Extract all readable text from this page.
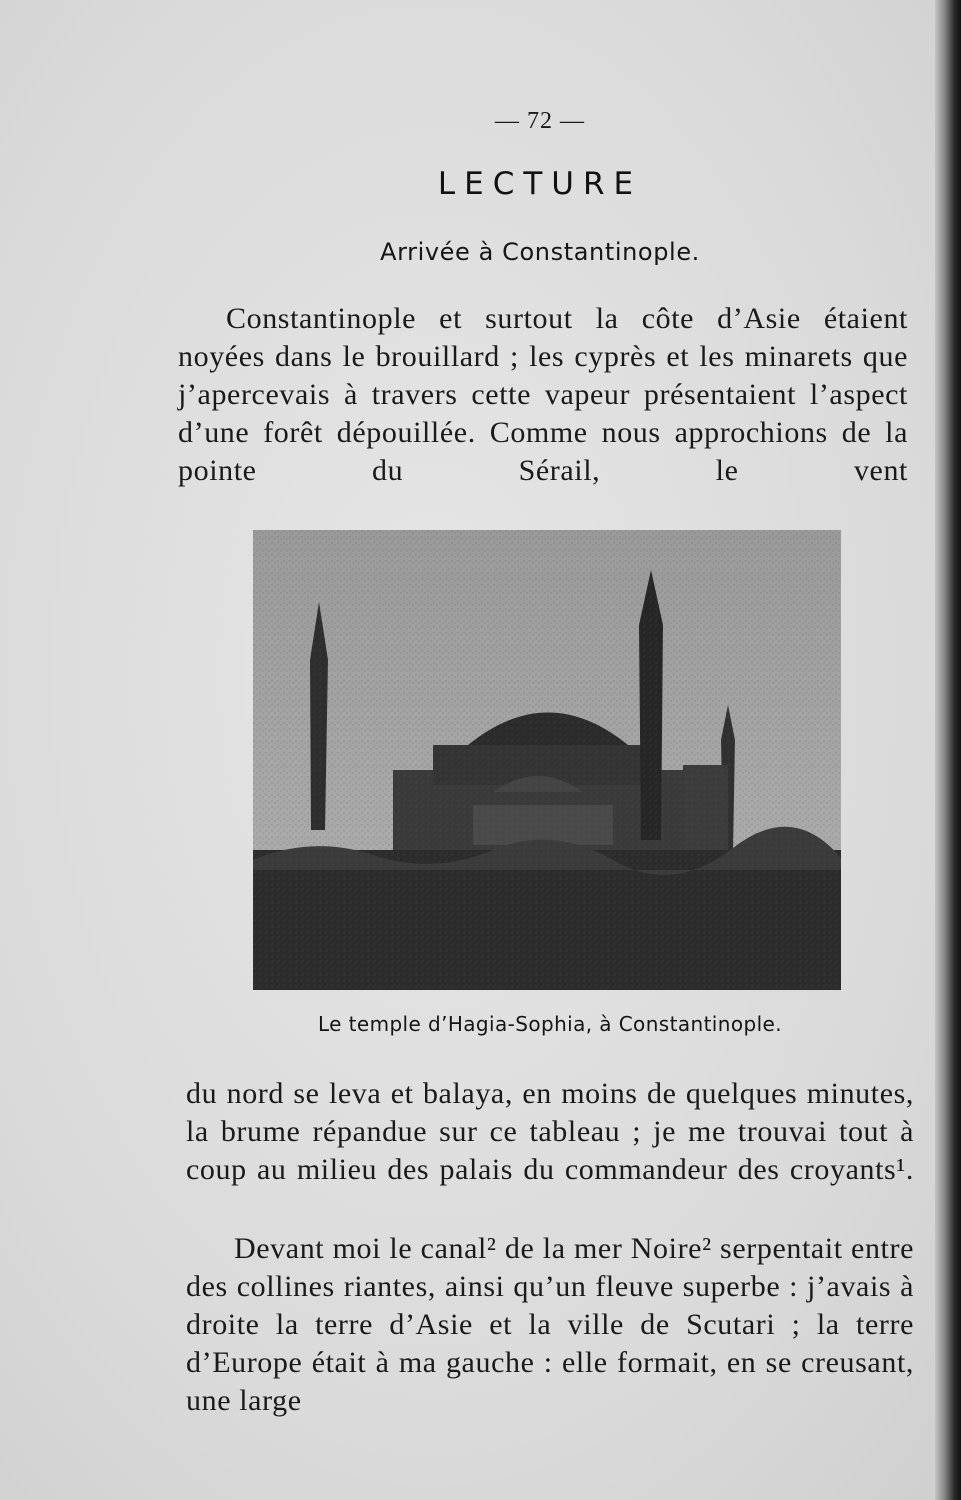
— 72 —
LECTURE
Arrivée à Constantinople.

Constantinople et surtout la côte d’Asie étaient noyées dans le brouillard ; les cyprès et les minarets que j’apercevais à travers cette vapeur présentaient l’aspect d’une forêt dépouillée. Comme nous approchions de la pointe du Sérail, le vent

Le temple d’Hagia-Sophia, à Constantinople.

du nord se leva et balaya, en moins de quelques minutes, la brume répandue sur ce tableau ; je me trouvai tout à coup au milieu des palais du commandeur des croyants¹.

Devant moi le canal² de la mer Noire² serpentait entre des collines riantes, ainsi qu’un fleuve superbe : j’avais à droite la terre d’Asie et la ville de Scutari ; la terre d’Europe était à ma gauche : elle formait, en se creusant, une large
